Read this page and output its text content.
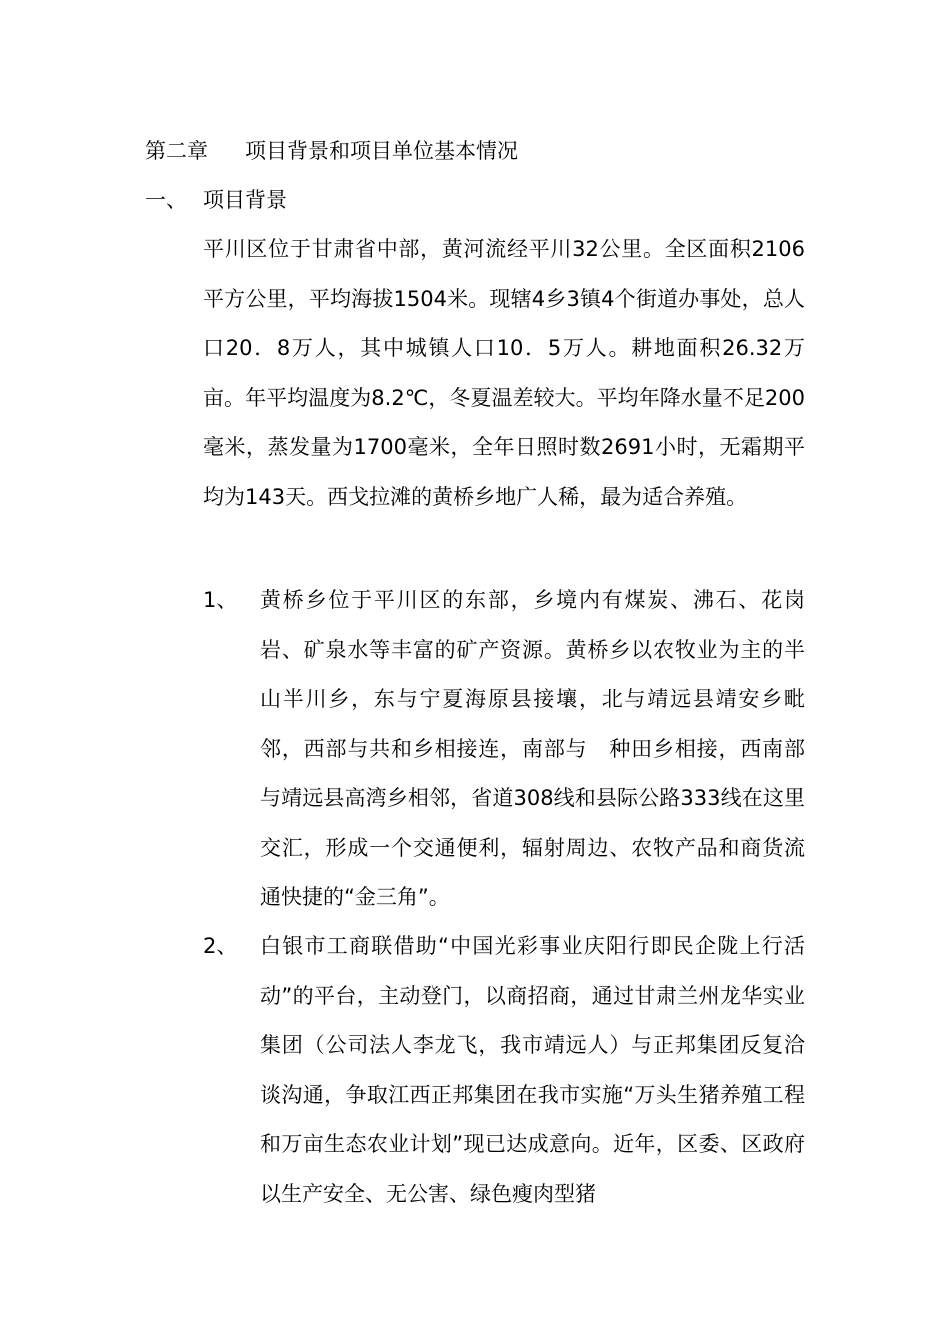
第二章 项目背景和项目单位基本情况
一、 项目背景

平川区位于甘肃省中部，黄河流经平川32公里。全区面积2106平方公里，平均海拔1504米。现辖4乡3镇4个街道办事处，总人口20．8万人，其中城镇人口10．5万人。耕地面积26.32万亩。年平均温度为8.2℃，冬夏温差较大。平均年降水量不足200毫米，蒸发量为1700毫米，全年日照时数2691小时，无霜期平均为143天。西戈拉滩的黄桥乡地广人稀，最为适合养殖。

1、 黄桥乡位于平川区的东部，乡境内有煤炭、沸石、花岗岩、矿泉水等丰富的矿产资源。黄桥乡以农牧业为主的半山半川乡，东与宁夏海原县接壤，北与靖远县靖安乡毗邻，西部与共和乡相接连，南部与　种田乡相接，西南部与靖远县高湾乡相邻，省道308线和县际公路333线在这里交汇，形成一个交通便利，辐射周边、农牧产品和商货流通快捷的“金三角”。

2、 白银市工商联借助“中国光彩事业庆阳行即民企陇上行活动”的平台，主动登门，以商招商，通过甘肃兰州龙华实业集团（公司法人李龙飞，我市靖远人）与正邦集团反复洽谈沟通，争取江西正邦集团在我市实施“万头生猪养殖工程和万亩生态农业计划”现已达成意向。近年，区委、区政府以生产安全、无公害、绿色瘦肉型猪
